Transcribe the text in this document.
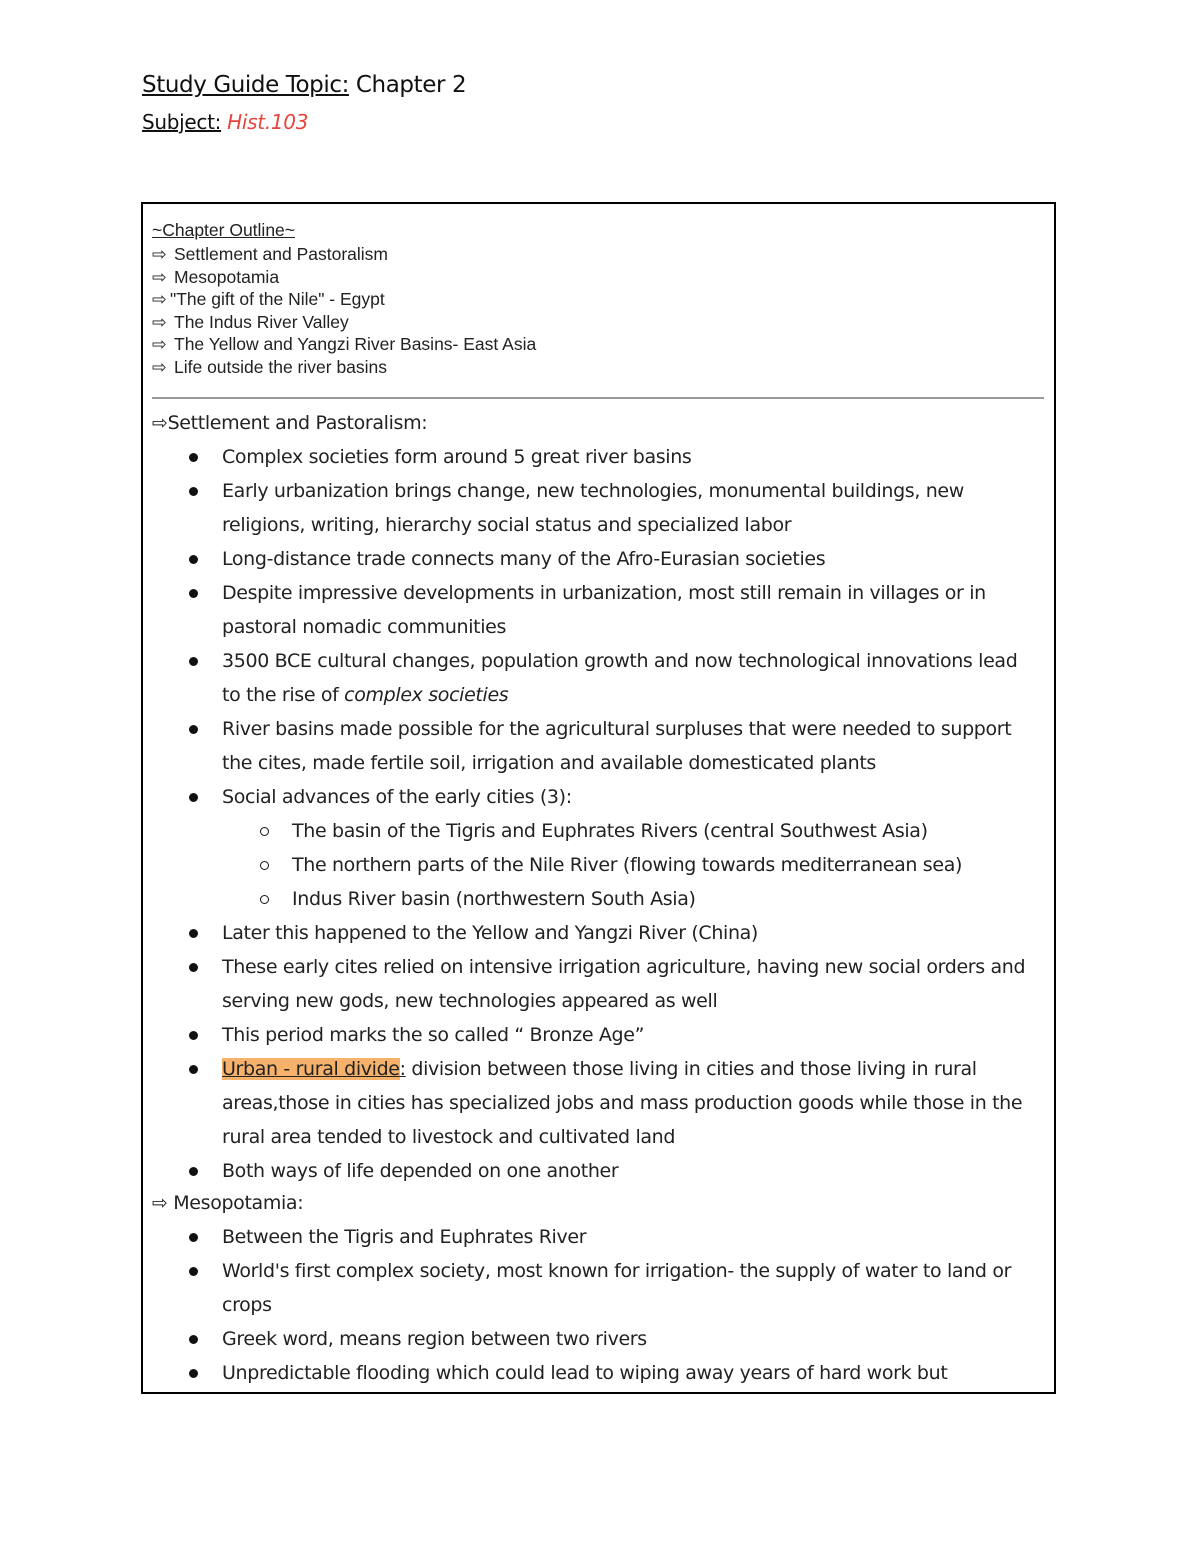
Study Guide Topic: Chapter 2
Subject: Hist.103
~Chapter Outline~
⇨ Settlement and Pastoralism
⇨ Mesopotamia
⇨ "The gift of the Nile" - Egypt
⇨ The Indus River Valley
⇨ The Yellow and Yangzi River Basins- East Asia
⇨ Life outside the river basins
⇨Settlement and Pastoralism:
Complex societies form around 5 great river basins
Early urbanization brings change, new technologies, monumental buildings, new religions, writing, hierarchy social status and specialized labor
Long-distance trade connects many of the Afro-Eurasian societies
Despite impressive developments in urbanization, most still remain in villages or in pastoral nomadic communities
3500 BCE cultural changes, population growth and now technological innovations lead to the rise of complex societies
River basins made possible for the agricultural surpluses that were needed to support the cites, made fertile soil, irrigation and available domesticated plants
Social advances of the early cities (3):
The basin of the Tigris and Euphrates Rivers (central Southwest Asia)
The northern parts of the Nile River (flowing towards mediterranean sea)
Indus River basin (northwestern South Asia)
Later this happened to the Yellow and Yangzi River (China)
These early cites relied on intensive irrigation agriculture, having new social orders and serving new gods, new technologies appeared as well
This period marks the so called “ Bronze Age”
Urban - rural divide: division between those living in cities and those living in rural areas,those in cities has specialized jobs and mass production goods while those in the rural area tended to livestock and cultivated land
Both ways of life depended on one another
⇨ Mesopotamia:
Between the Tigris and Euphrates River
World's first complex society, most known for irrigation- the supply of water to land or crops
Greek word, means region between two rivers
Unpredictable flooding which could lead to wiping away years of hard work but
